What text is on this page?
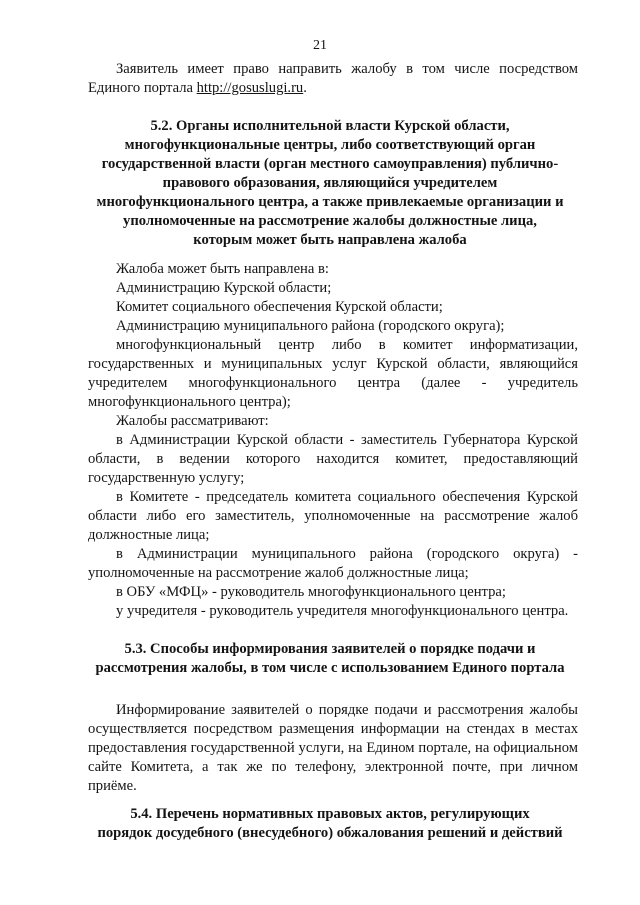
21
Заявитель имеет право направить жалобу в том числе посредством Единого портала http://gosuslugi.ru.
5.2. Органы исполнительной власти Курской области,
многофункциональные центры, либо соответствующий орган
государственной власти (орган местного самоуправления) публично-
правового образования, являющийся учредителем
многофункционального центра, а также привлекаемые организации и
уполномоченные на рассмотрение жалобы должностные лица,
которым может быть направлена жалоба
Жалоба может быть направлена в:
Администрацию Курской области;
Комитет социального обеспечения Курской области;
Администрацию муниципального района (городского округа);
многофункциональный центр либо в комитет информатизации, государственных и муниципальных услуг Курской области, являющийся учредителем многофункционального центра (далее - учредитель многофункционального центра);
Жалобы рассматривают:
в Администрации Курской области - заместитель Губернатора Курской области, в ведении которого находится комитет, предоставляющий государственную услугу;
в Комитете - председатель комитета социального обеспечения Курской области либо его заместитель, уполномоченные на рассмотрение жалоб должностные лица;
в Администрации муниципального района (городского округа) - уполномоченные на рассмотрение жалоб должностные лица;
в ОБУ «МФЦ» - руководитель многофункционального центра;
у учредителя - руководитель учредителя многофункционального центра.
5.3. Способы информирования заявителей о порядке подачи и
рассмотрения жалобы, в том числе с использованием Единого портала
Информирование заявителей о порядке подачи и рассмотрения жалобы осуществляется посредством размещения информации на стендах в местах предоставления государственной услуги, на Едином портале, на официальном сайте Комитета, а так же по телефону, электронной почте, при личном приёме.
5.4. Перечень нормативных правовых актов, регулирующих
порядок досудебного (внесудебного) обжалования решений и действий
